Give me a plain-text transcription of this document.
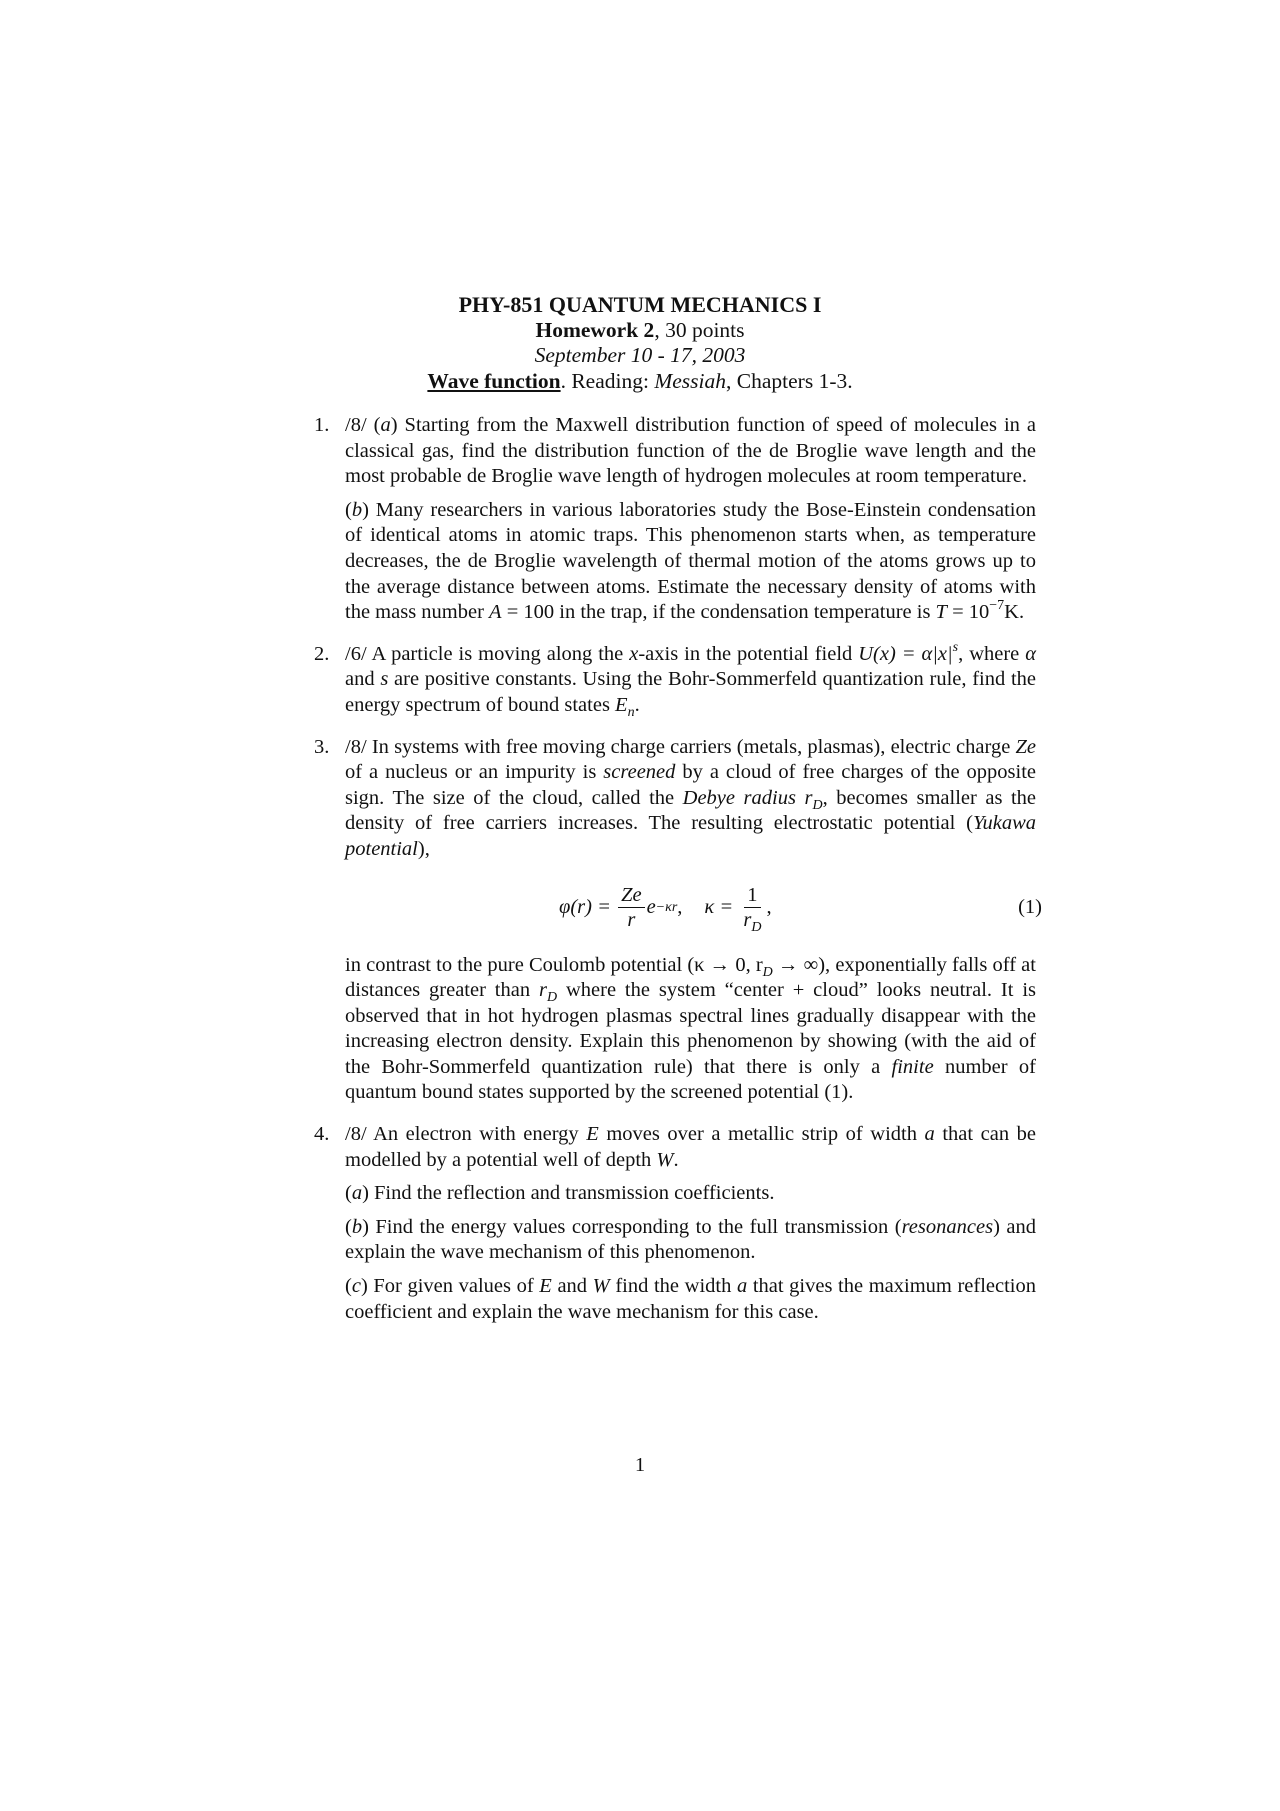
PHY-851 QUANTUM MECHANICS I
Homework 2, 30 points
September 10 - 17, 2003
Wave function. Reading: Messiah, Chapters 1-3.
1. /8/ (a) Starting from the Maxwell distribution function of speed of molecules in a classical gas, find the distribution function of the de Broglie wave length and the most probable de Broglie wave length of hydrogen molecules at room temperature.

(b) Many researchers in various laboratories study the Bose-Einstein condensation of identical atoms in atomic traps. This phenomenon starts when, as temperature decreases, the de Broglie wavelength of thermal motion of the atoms grows up to the average distance between atoms. Estimate the necessary density of atoms with the mass number A = 100 in the trap, if the condensation temperature is $T = 10^{-7}K$.

2. /6/ A particle is moving along the x-axis in the potential field $U(x) = \alpha|x|^s$, where α and s are positive constants. Using the Bohr-Sommerfeld quantization rule, find the energy spectrum of bound states $E_n$.

3. /8/ In systems with free moving charge carriers (metals, plasmas), electric charge Ze of a nucleus or an impurity is screened by a cloud of free charges of the opposite sign. The size of the cloud, called the Debye radius $r_D$, becomes smaller as the density of free carriers increases. The resulting electrostatic potential (Yukawa potential),

φ(r) =
$\frac{Ze}{r}$ e −κr , κ =
$\frac{1}{r_D}$ ,	(1)

in contrast to the pure Coulomb potential (κ → 0, $r_D$ → ∞), exponentially falls off at distances greater than $r_D$ where the system “center + cloud” looks neutral. It is observed that in hot hydrogen plasmas spectral lines gradually disappear with the increasing electron density. Explain this phenomenon by showing (with the aid of the Bohr-Sommerfeld quantization rule) that there is only a finite number of quantum bound states supported by the screened potential (1).

4. /8/ An electron with energy E moves over a metallic strip of width a that can be modelled by a potential well of depth W.

(a) Find the reflection and transmission coefficients.

(b) Find the energy values corresponding to the full transmission (resonances) and explain the wave mechanism of this phenomenon.

(c) For given values of E and W find the width a that gives the maximum reflection coefficient and explain the wave mechanism for this case.

1
